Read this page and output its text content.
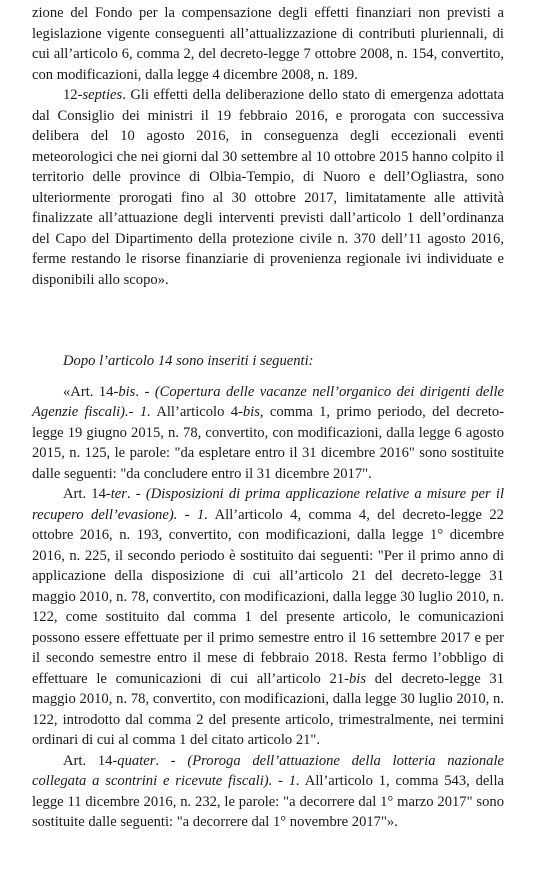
zione del Fondo per la compensazione degli effetti finanziari non previsti a legislazione vigente conseguenti all’attualizzazione di contributi pluriennali, di cui all’articolo 6, comma 2, del decreto-legge 7 ottobre 2008, n. 154, convertito, con modificazioni, dalla legge 4 dicembre 2008, n. 189.

12-septies. Gli effetti della deliberazione dello stato di emergenza adottata dal Consiglio dei ministri il 19 febbraio 2016, e prorogata con successiva delibera del 10 agosto 2016, in conseguenza degli eccezionali eventi meteorologici che nei giorni dal 30 settembre al 10 ottobre 2015 hanno colpito il territorio delle province di Olbia-Tempio, di Nuoro e dell’Ogliastra, sono ulteriormente prorogati fino al 30 ottobre 2017, limitatamente alle attività finalizzate all’attuazione degli interventi previsti dall’articolo 1 dell’ordinanza del Capo del Dipartimento della protezione civile n. 370 dell’11 agosto 2016, ferme restando le risorse finanziarie di provenienza regionale ivi individuate e disponibili allo scopo».

Dopo l’articolo 14 sono inseriti i seguenti:

«Art. 14-bis. - (Copertura delle vacanze nell’organico dei dirigenti delle Agenzie fiscali).- 1. All’articolo 4-bis, comma 1, primo periodo, del decreto-legge 19 giugno 2015, n. 78, convertito, con modificazioni, dalla legge 6 agosto 2015, n. 125, le parole: "da espletare entro il 31 dicembre 2016" sono sostituite dalle seguenti: "da concludere entro il 31 dicembre 2017".

Art. 14-ter. - (Disposizioni di prima applicazione relative a misure per il recupero dell’evasione). - 1. All’articolo 4, comma 4, del decreto-legge 22 ottobre 2016, n. 193, convertito, con modificazioni, dalla legge 1° dicembre 2016, n. 225, il secondo periodo è sostituito dai seguenti: "Per il primo anno di applicazione della disposizione di cui all’articolo 21 del decreto-legge 31 maggio 2010, n. 78, convertito, con modificazioni, dalla legge 30 luglio 2010, n. 122, come sostituito dal comma 1 del presente articolo, le comunicazioni possono essere effettuate per il primo semestre entro il 16 settembre 2017 e per il secondo semestre entro il mese di febbraio 2018. Resta fermo l’obbligo di effettuare le comunicazioni di cui all’articolo 21-bis del decreto-legge 31 maggio 2010, n. 78, convertito, con modificazioni, dalla legge 30 luglio 2010, n. 122, introdotto dal comma 2 del presente articolo, trimestralmente, nei termini ordinari di cui al comma 1 del citato articolo 21".

Art. 14-quater. - (Proroga dell’attuazione della lotteria nazionale collegata a scontrini e ricevute fiscali). - 1. All’articolo 1, comma 543, della legge 11 dicembre 2016, n. 232, le parole: "a decorrere dal 1° marzo 2017" sono sostituite dalle seguenti: "a decorrere dal 1° novembre 2017"».
